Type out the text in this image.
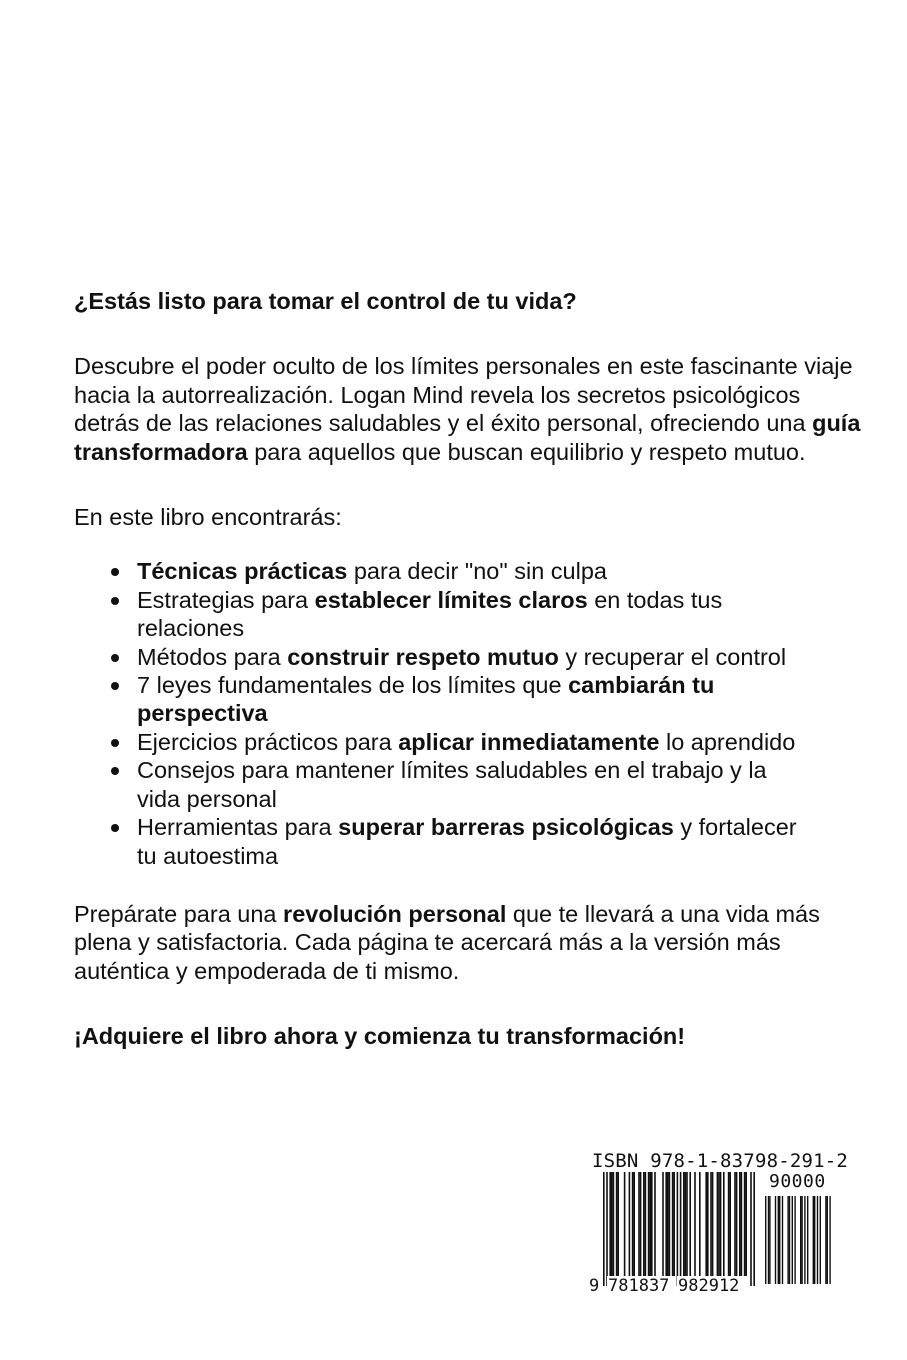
¿Estás listo para tomar el control de tu vida?

Descubre el poder oculto de los límites personales en este fascinante viaje hacia la autorrealización. Logan Mind revela los secretos psicológicos detrás de las relaciones saludables y el éxito personal, ofreciendo una guía transformadora para aquellos que buscan equilibrio y respeto mutuo.

En este libro encontrarás:

Técnicas prácticas para decir "no" sin culpa
Estrategias para establecer límites claros en todas tus relaciones
Métodos para construir respeto mutuo y recuperar el control
7 leyes fundamentales de los límites que cambiarán tu perspectiva
Ejercicios prácticos para aplicar inmediatamente lo aprendido
Consejos para mantener límites saludables en el trabajo y la vida personal
Herramientas para superar barreras psicológicas y fortalecer tu autoestima

Prepárate para una revolución personal que te llevará a una vida más plena y satisfactoria. Cada página te acercará más a la versión más auténtica y empoderada de ti mismo.

¡Adquiere el libro ahora y comienza tu transformación!

ISBN 978-1-83798-291-2
90000
9 781837 982912
